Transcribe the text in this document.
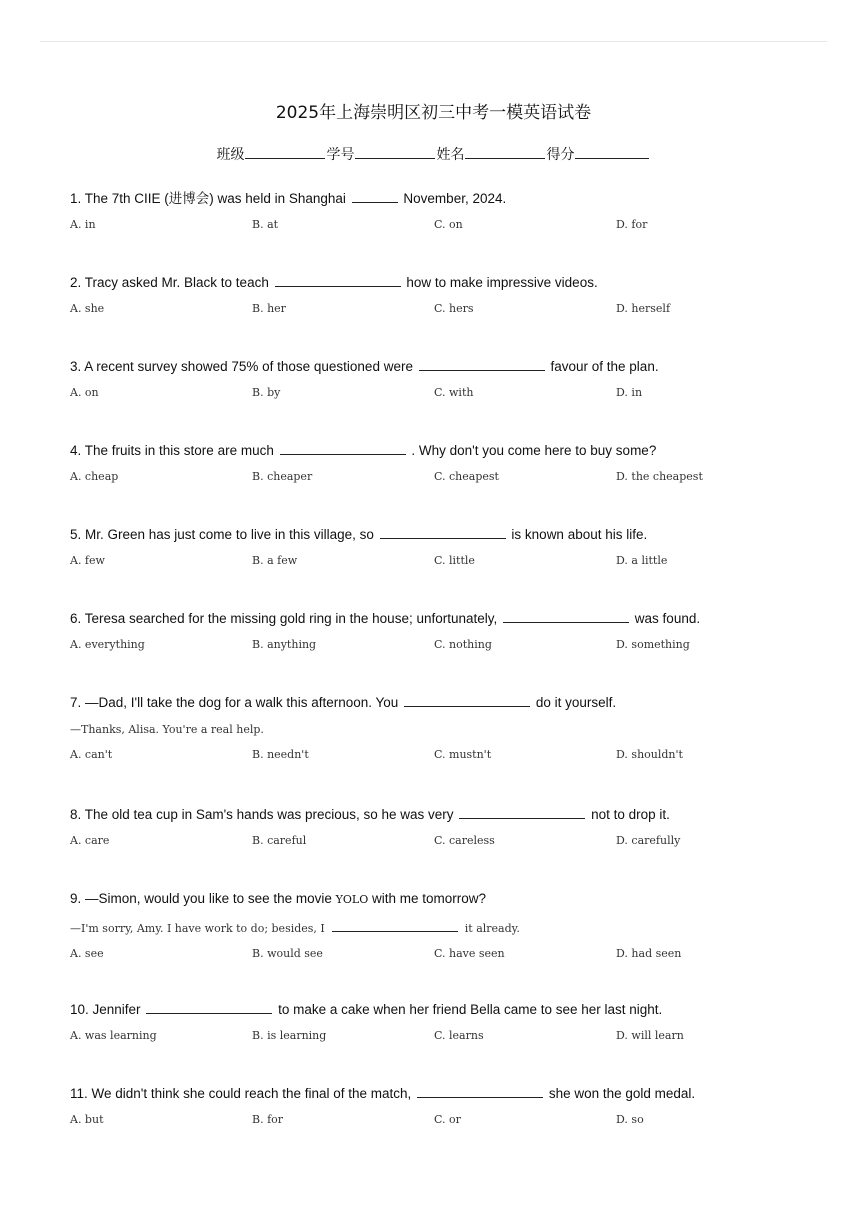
2025年上海崇明区初三中考一模英语试卷
班级	学号	姓名	得分
1. The 7th CIIE (进博会) was held in Shanghai	November, 2024.
A. in	B. at	C. on	D. for
2. Tracy asked Mr. Black to teach	how to make impressive videos.
A. she	B. her	C. hers	D. herself
3. A recent survey showed 75% of those questioned were	favour of the plan.
A. on	B. by	C. with	D. in
4. The fruits in this store are much	. Why don't you come here to buy some?
A. cheap	B. cheaper	C. cheapest	D. the cheapest
5. Mr. Green has just come to live in this village, so	is known about his life.
A. few	B. a few	C. little	D. a little
6. Teresa searched for the missing gold ring in the house; unfortunately,	was found.
A. everything	B. anything	C. nothing	D. something
7. —Dad, I'll take the dog for a walk this afternoon. You	do it yourself.
—Thanks, Alisa. You're a real help.
A. can't	B. needn't	C. mustn't	D. shouldn't
8. The old tea cup in Sam's hands was precious, so he was very	not to drop it.
A. care	B. careful	C. careless	D. carefully
9. —Simon, would you like to see the movie YOLO with me tomorrow?
—I'm sorry, Amy. I have work to do; besides, I	it already.
A. see	B. would see	C. have seen	D. had seen
10. Jennifer	to make a cake when her friend Bella came to see her last night.
A. was learning	B. is learning	C. learns	D. will learn
11. We didn't think she could reach the final of the match,	she won the gold medal.
A. but	B. for	C. or	D. so
